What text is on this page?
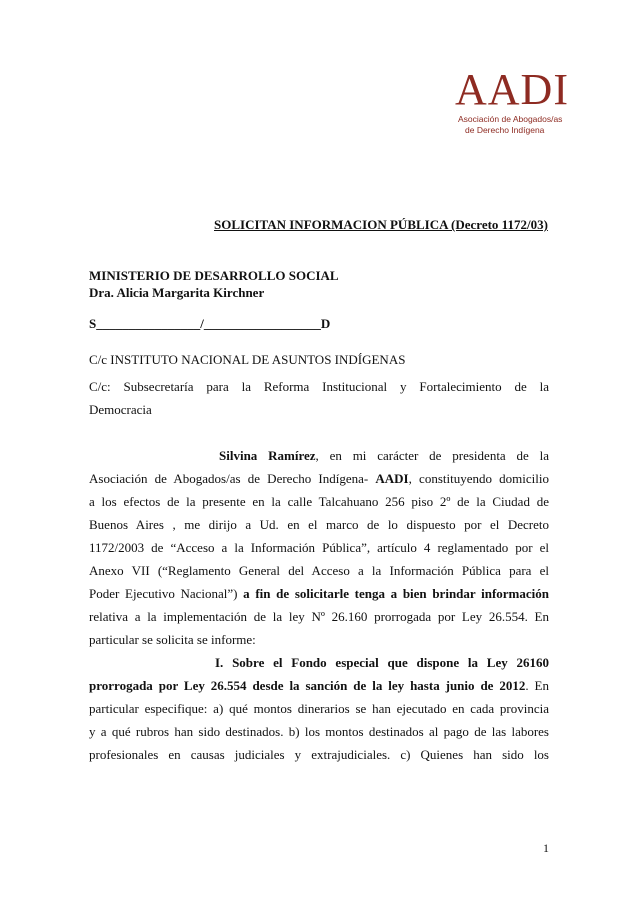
AADI
Asociación de Abogados/as
de Derecho Indígena
SOLICITAN INFORMACION PÚBLICA (Decreto 1172/03)
MINISTERIO DE DESARROLLO SOCIAL
Dra. Alicia Margarita Kirchner
S________________/__________________D
C/c INSTITUTO NACIONAL DE ASUNTOS INDÍGENAS
C/c: Subsecretaría para la Reforma Institucional y Fortalecimiento de la
Democracia
Silvina Ramírez, en mi carácter de presidenta de la
Asociación de Abogados/as de Derecho Indígena- AADI, constituyendo domicilio
a los efectos de la presente en la calle Talcahuano 256 piso 2º de la Ciudad de
Buenos Aires , me dirijo a Ud. en el marco de lo dispuesto por el Decreto
1172/2003 de “Acceso a la Información Pública”, artículo 4 reglamentado por el
Anexo VII (“Reglamento General del Acceso a la Información Pública para el
Poder Ejecutivo Nacional”) a fin de solicitarle tenga a bien brindar información
relativa a la implementación de la ley Nº 26.160 prorrogada por Ley 26.554. En
particular se solicita se informe:
I. Sobre el Fondo especial que dispone la Ley 26160
prorrogada por Ley 26.554 desde la sanción de la ley hasta junio de 2012. En
particular especifique: a) qué montos dinerarios se han ejecutado en cada provincia
y a qué rubros han sido destinados. b) los montos destinados al pago de las labores
profesionales en causas judiciales y extrajudiciales. c) Quienes han sido los
1
